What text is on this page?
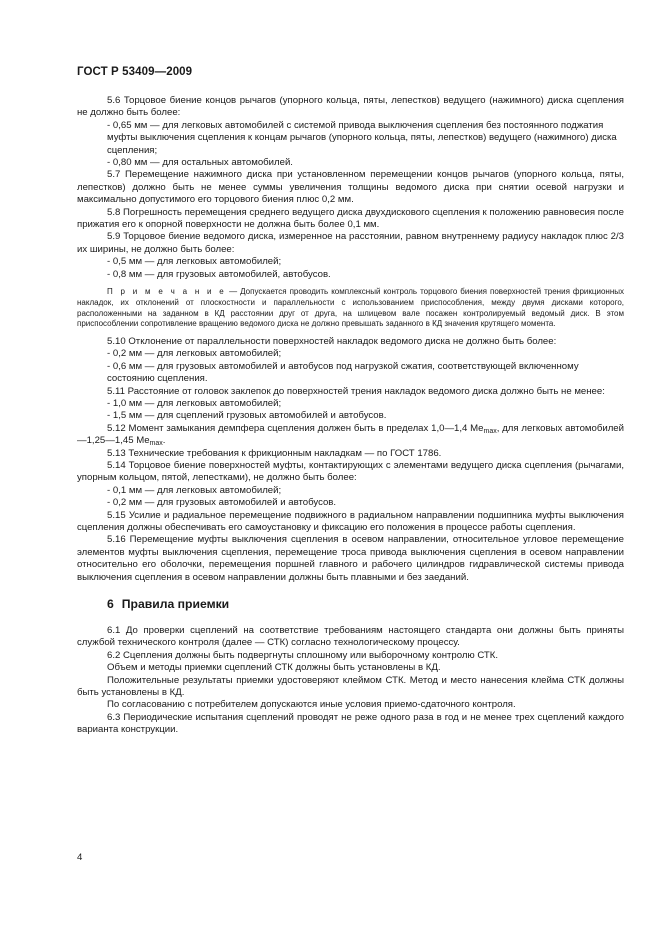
ГОСТ Р 53409—2009

5.6 Торцовое биение концов рычагов (упорного кольца, пяты, лепестков) ведущего (нажимного) диска сцепления не должно быть более:

- 0,65 мм — для легковых автомобилей с системой привода выключения сцепления без постоянного поджатия муфты выключения сцепления к концам рычагов (упорного кольца, пяты, лепестков) ведущего (нажимного) диска сцепления;

- 0,80 мм — для остальных автомобилей.

5.7 Перемещение нажимного диска при установленном перемещении концов рычагов (упорного кольца, пяты, лепестков) должно быть не менее суммы увеличения толщины ведомого диска при снятии осевой нагрузки и максимально допустимого его торцового биения плюс 0,2 мм.

5.8 Погрешность перемещения среднего ведущего диска двухдискового сцепления к положению равновесия после прижатия его к опорной поверхности не должна быть более 0,1 мм.

5.9 Торцовое биение ведомого диска, измеренное на расстоянии, равном внутреннему радиусу накладок плюс 2/3 их ширины, не должно быть более:

- 0,5 мм — для легковых автомобилей;

- 0,8 мм — для грузовых автомобилей, автобусов.

П р и м е ч а н и е — Допускается проводить комплексный контроль торцового биения поверхностей трения фрикционных накладок, их отклонений от плоскостности и параллельности с использованием приспособления, между двумя дисками которого, расположенными на заданном в КД расстоянии друг от друга, на шлицевом вале посажен контролируемый ведомый диск. В этом приспособлении сопротивление вращению ведомого диска не должно превышать заданного в КД значения крутящего момента.

5.10 Отклонение от параллельности поверхностей накладок ведомого диска не должно быть более:

- 0,2 мм — для легковых автомобилей;

- 0,6 мм — для грузовых автомобилей и автобусов под нагрузкой сжатия, соответствующей включенному состоянию сцепления.

5.11 Расстояние от головок заклепок до поверхностей трения накладок ведомого диска должно быть не менее:

- 1,0 мм — для легковых автомобилей;

- 1,5 мм — для сцеплений грузовых автомобилей и автобусов.

5.12 Момент замыкания демпфера сцепления должен быть в пределах 1,0—1,4 $Me_{max}$, для легковых автомобилей —1,25—1,45 $Me_{max}$.

5.13 Технические требования к фрикционным накладкам — по ГОСТ 1786.

5.14 Торцовое биение поверхностей муфты, контактирующих с элементами ведущего диска сцепления (рычагами, упорным кольцом, пятой, лепестками), не должно быть более:

- 0,1 мм — для легковых автомобилей;

- 0,2 мм — для грузовых автомобилей и автобусов.

5.15 Усилие и радиальное перемещение подвижного в радиальном направлении подшипника муфты выключения сцепления должны обеспечивать его самоустановку и фиксацию его положения в процессе работы сцепления.

5.16 Перемещение муфты выключения сцепления в осевом направлении, относительное угловое перемещение элементов муфты выключения сцепления, перемещение троса привода выключения сцепления в осевом направлении относительно его оболочки, перемещения поршней главного и рабочего цилиндров гидравлической системы привода выключения сцепления в осевом направлении должны быть плавными и без заеданий.

6 Правила приемки

6.1 До проверки сцеплений на соответствие требованиям настоящего стандарта они должны быть приняты службой технического контроля (далее — СТК) согласно технологическому процессу.

6.2 Сцепления должны быть подвергнуты сплошному или выборочному контролю СТК.

Объем и методы приемки сцеплений СТК должны быть установлены в КД.

Положительные результаты приемки удостоверяют клеймом СТК. Метод и место нанесения клейма СТК должны быть установлены в КД.

По согласованию с потребителем допускаются иные условия приемо-сдаточного контроля.

6.3 Периодические испытания сцеплений проводят не реже одного раза в год и не менее трех сцеплений каждого варианта конструкции.

4
